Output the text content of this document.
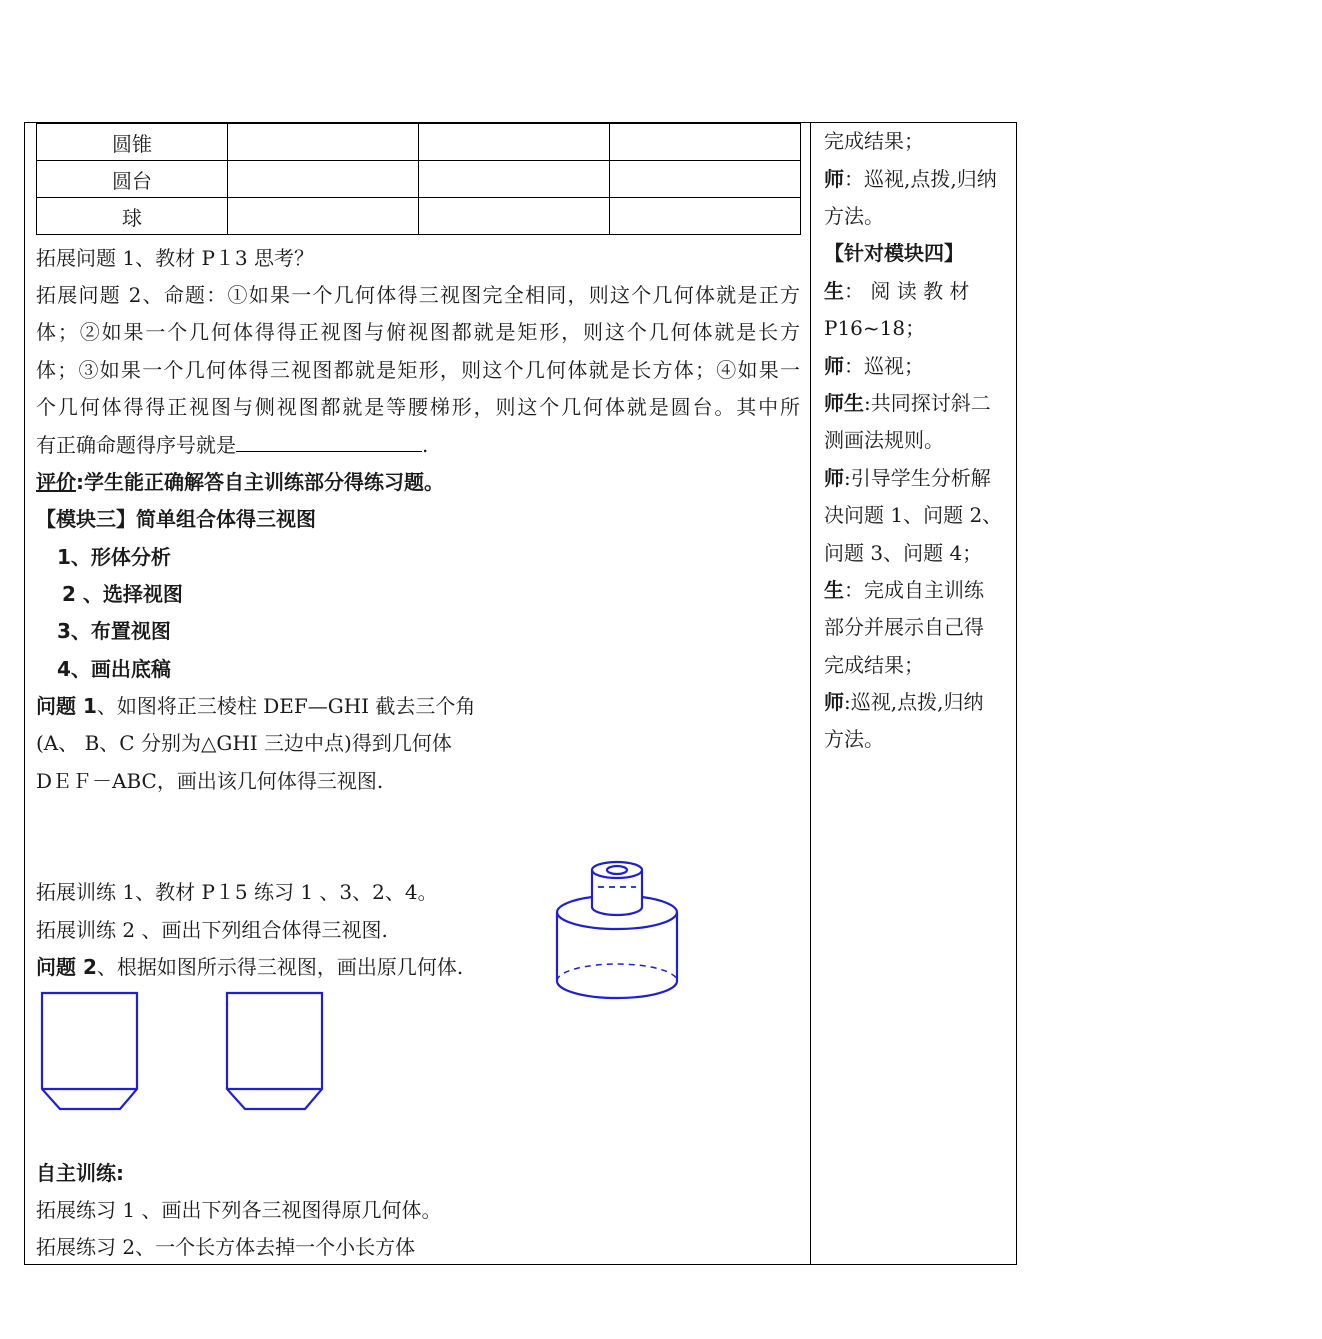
圆锥			
圆台			
球			
拓展问题 1、教材 P１3 思考？
拓展问题 2、命题：①如果一个几何体得三视图完全相同，则这个几何体就是正方
体；②如果一个几何体得得正视图与俯视图都就是矩形，则这个几何体就是长方
体；③如果一个几何体得三视图都就是矩形，则这个几何体就是长方体；④如果一
个几何体得得正视图与侧视图都就是等腰梯形，则这个几何体就是圆台。其中所
有正确命题得序号就是	.
评价:学生能正确解答自主训练部分得练习题。
【模块三】简单组合体得三视图
1、形体分析
2 、选择视图
3、布置视图
4、画出底稿
问题 1、如图将正三棱柱 DEF—GHI 截去三个角
(A、 B、C 分别为△GHI 三边中点)得到几何体
DＥＦ－ABC，画出该几何体得三视图.
拓展训练 1、教材 P１5 练习 1 、3、2、4。
拓展训练 2 、画出下列组合体得三视图.
问题 2、根据如图所示得三视图，画出原几何体.
自主训练:
拓展练习 1 、画出下列各三视图得原几何体。
拓展练习 2、一个长方体去掉一个小长方体
完成结果；
师：巡视,点拨,归纳
方法。
【针对模块四】
生： 阅 读 教 材
P16~18；
师：巡视；
师生:共同探讨斜二
测画法规则。
师:引导学生分析解
决问题 1、问题 2、
问题 3、问题 4；
生：完成自主训练
部分并展示自己得
完成结果；
师:巡视,点拨,归纳
方法。
